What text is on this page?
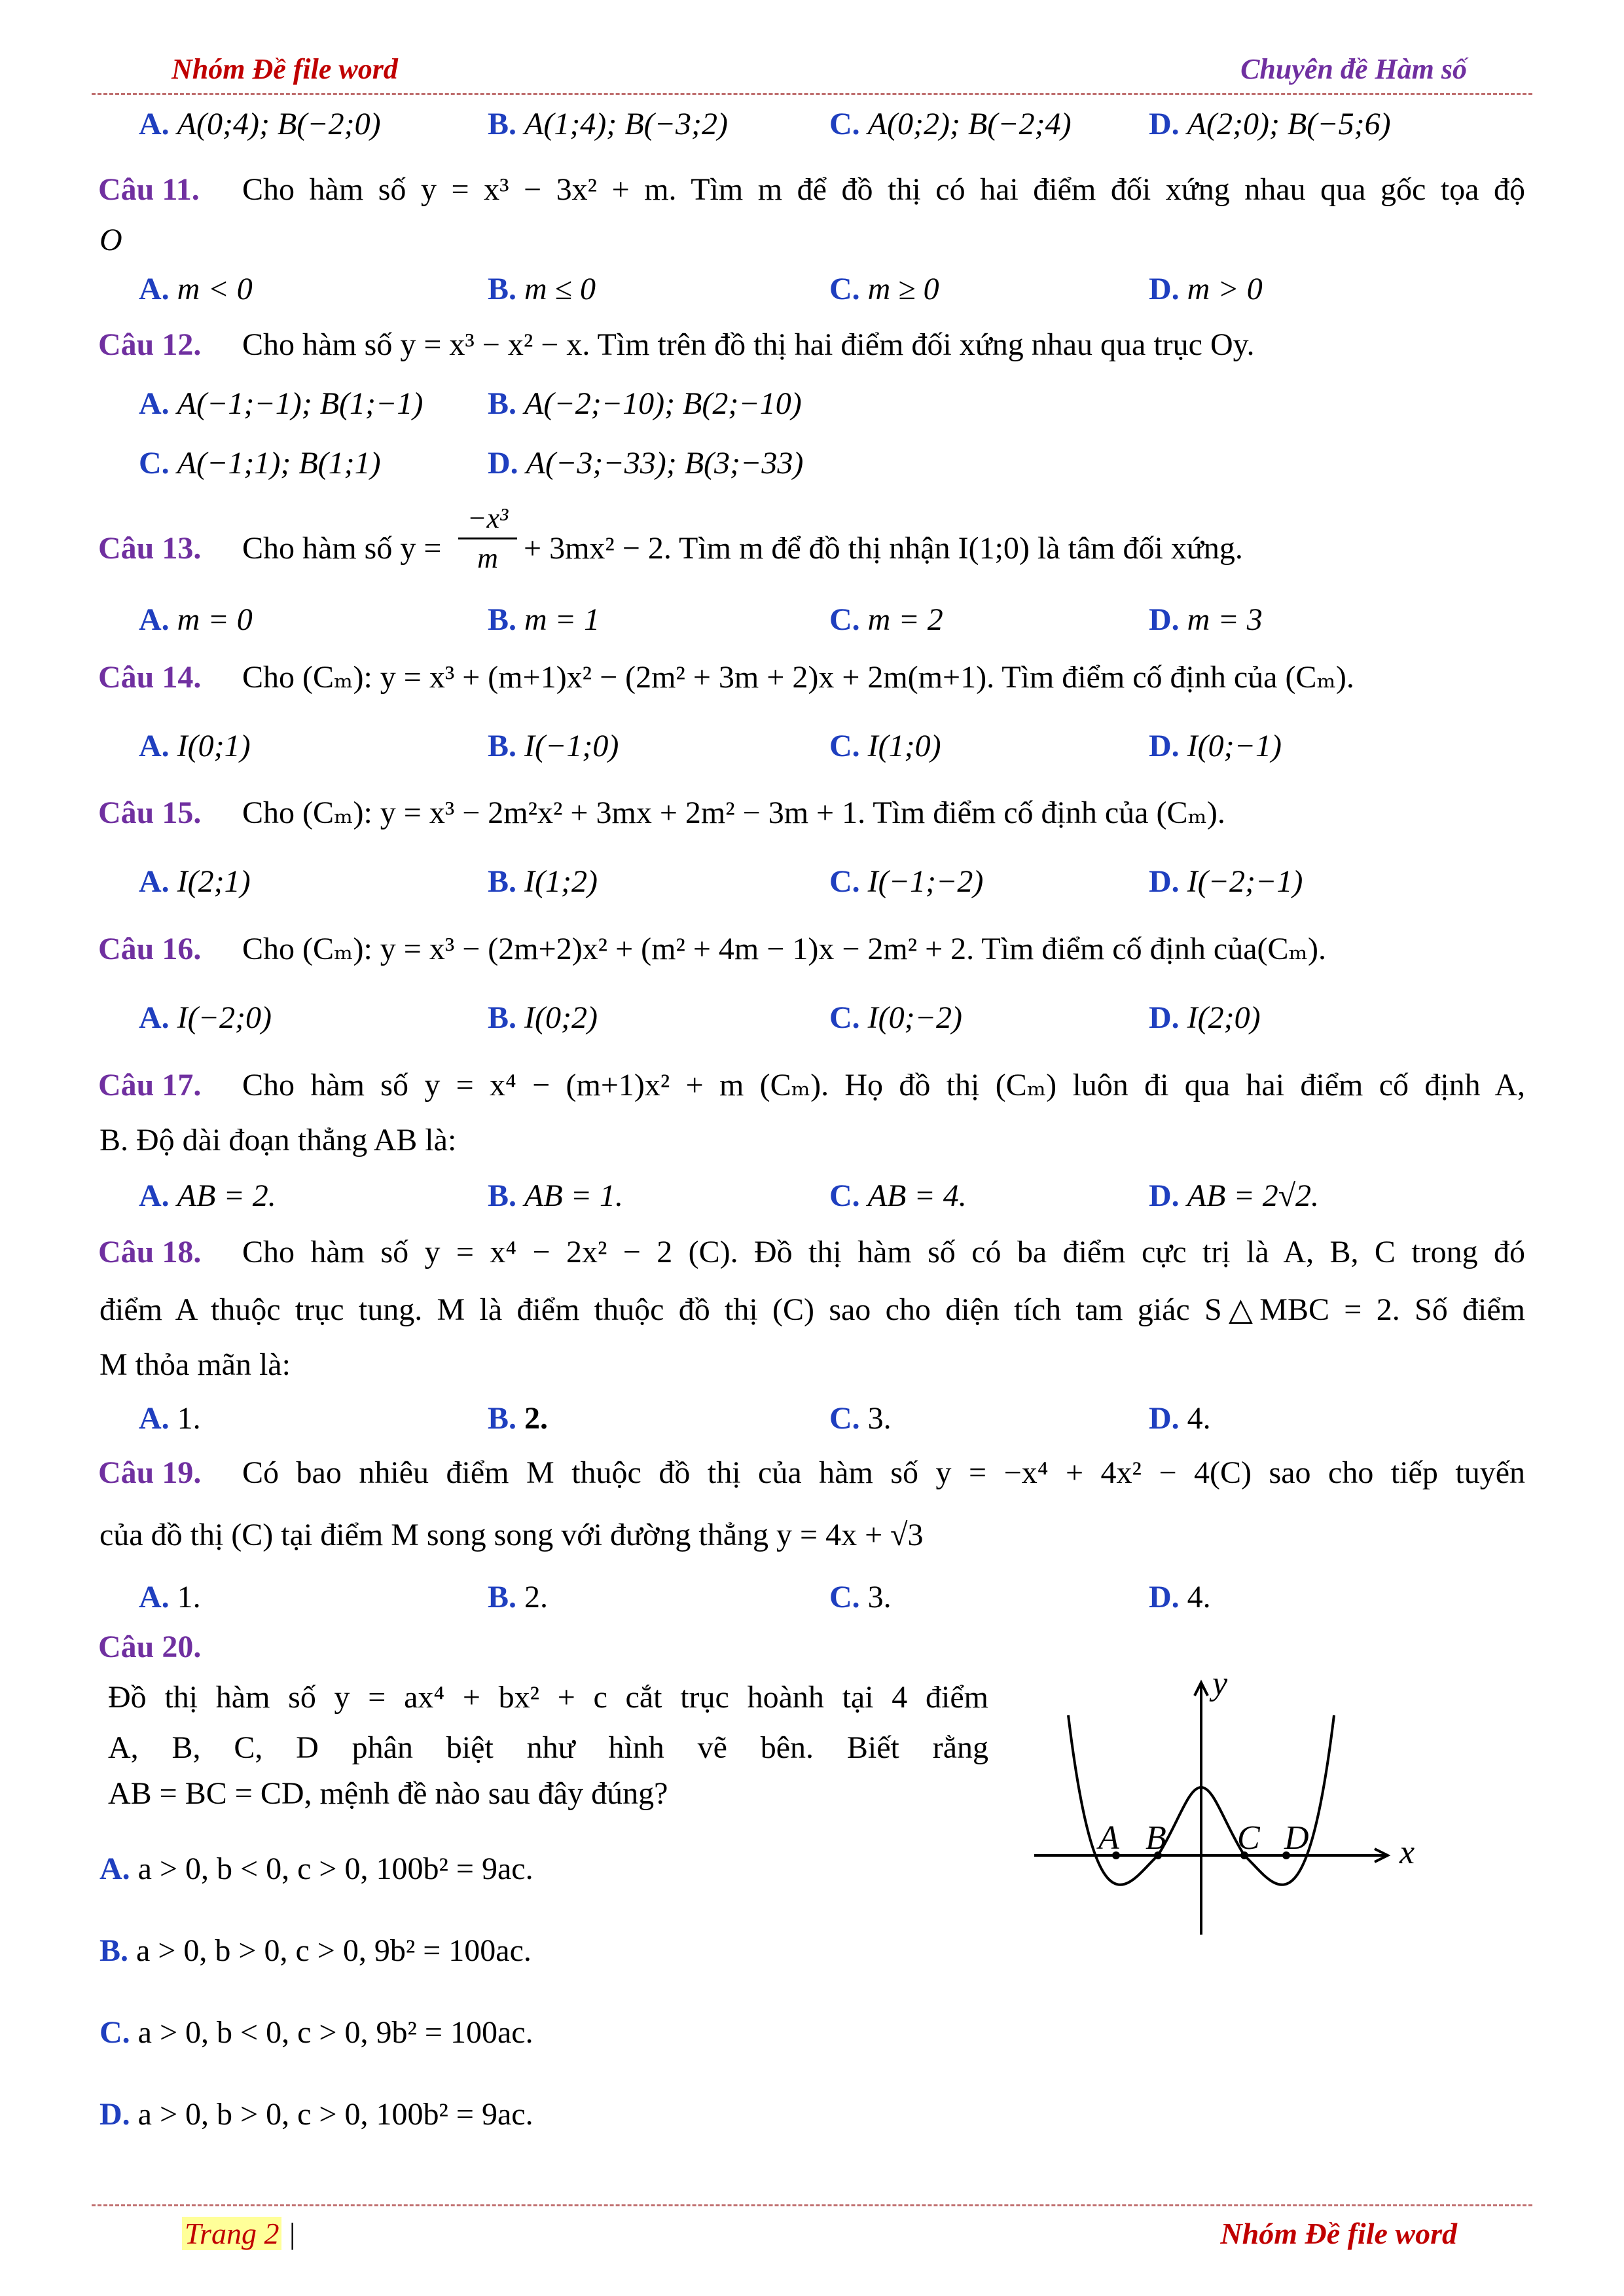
Nhóm Đề file word	Chuyên đề Hàm số
A. A(0;4); B(−2;0)	B. A(1;4); B(−3;2)	C. A(0;2); B(−2;4) D. A(2;0); B(−5;6)
Câu 11. Cho hàm số y = x³ − 3x² + m. Tìm m để đồ thị có hai điểm đối xứng nhau qua gốc tọa độ
O
A. m < 0	B. m ≤ 0	C. m ≥ 0	D. m > 0
Câu 12. Cho hàm số y = x³ − x² − x. Tìm trên đồ thị hai điểm đối xứng nhau qua trục Oy.
A. A(−1;−1); B(1;−1) B. A(−2;−10); B(2;−10)
C. A(−1;1); B(1;1)	D. A(−3;−33); B(3;−33)
Câu 13. Cho hàm số y =
−x³
m + 3mx² − 2. Tìm m để đồ thị nhận I(1;0) là tâm đối xứng.
A. m = 0	B. m = 1	C. m = 2	D. m = 3
Câu 14. Cho (Cₘ): y = x³ + (m+1)x² − (2m² + 3m + 2)x + 2m(m+1). Tìm điểm cố định của (Cₘ).
A. I(0;1)	B. I(−1;0)	C. I(1;0)	D. I(0;−1)
Câu 15. Cho (Cₘ): y = x³ − 2m²x² + 3mx + 2m² − 3m + 1. Tìm điểm cố định của (Cₘ).
A. I(2;1)	B. I(1;2)	C. I(−1;−2)	D. I(−2;−1)
Câu 16. Cho (Cₘ): y = x³ − (2m+2)x² + (m² + 4m − 1)x − 2m² + 2. Tìm điểm cố định của(Cₘ).
A. I(−2;0)	B. I(0;2)	C. I(0;−2)	D. I(2;0)
Câu 17. Cho hàm số y = x⁴ − (m+1)x² + m (Cₘ). Họ đồ thị (Cₘ) luôn đi qua hai điểm cố định A,
B. Độ dài đoạn thẳng AB là:
A. AB = 2.	B. AB = 1.	C. AB = 4.	D. AB = 2√2.
Câu 18. Cho hàm số y = x⁴ − 2x² − 2 (C). Đồ thị hàm số có ba điểm cực trị là A, B, C trong đó
điểm A thuộc trục tung. M là điểm thuộc đồ thị (C) sao cho diện tích tam giác S△MBC = 2. Số điểm
M thỏa mãn là:
A. 1.	B. 2.	C. 3.	D. 4.
Câu 19. Có bao nhiêu điểm M thuộc đồ thị của hàm số y = −x⁴ + 4x² − 4(C) sao cho tiếp tuyến
của đồ thị (C) tại điểm M song song với đường thẳng y = 4x + √3
A. 1.	B. 2.	C. 3.	D. 4.
Câu 20.
Đồ thị hàm số y = ax⁴ + bx² + c cắt trục hoành tại 4 điểm
A, B, C, D phân biệt như hình vẽ bên. Biết rằng
AB = BC = CD, mệnh đề nào sau đây đúng?
A. a > 0, b < 0, c > 0, 100b² = 9ac.
B. a > 0, b > 0, c > 0, 9b² = 100ac.
C. a > 0, b < 0, c > 0, 9b² = 100ac.
D. a > 0, b > 0, c > 0, 100b² = 9ac.
y
x
A B C D
Trang 2 |	Nhóm Đề file word
